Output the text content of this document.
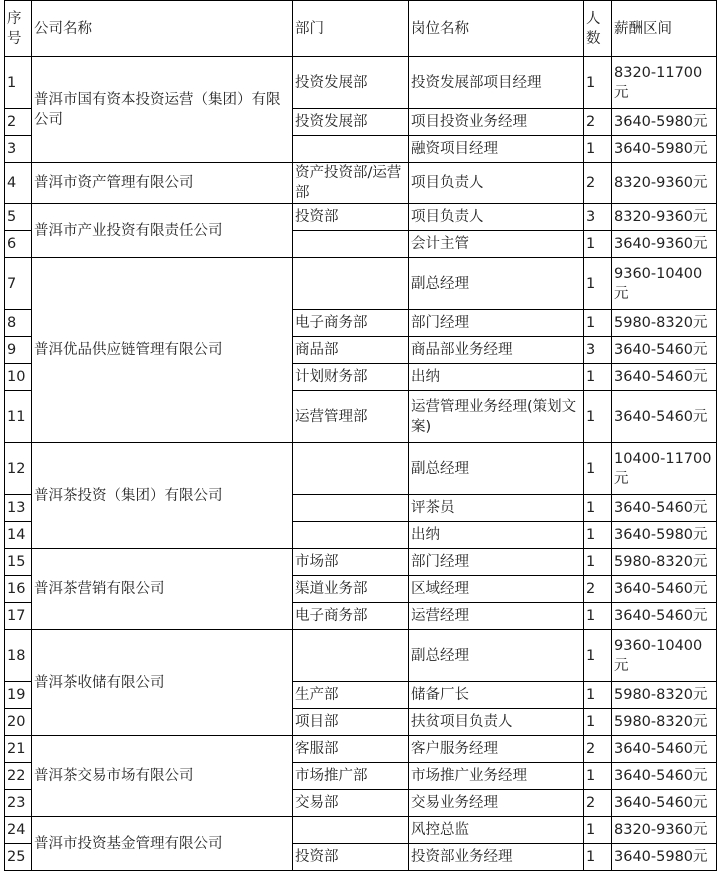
序号	公司名称	部门	岗位名称	人数	薪酬区间
1	普洱市国有资本投资运营（集团）有限公司	投资发展部	投资发展部项目经理	1	8320-11700元
2		投资发展部	项目投资业务经理	2	3640-5980元
3			融资项目经理	1	3640-5980元
4	普洱市资产管理有限公司	资产投资部/运营部	项目负责人	2	8320-9360元
5	普洱市产业投资有限责任公司	投资部	项目负责人	3	8320-9360元
6			会计主管	1	3640-9360元
7	普洱优品供应链管理有限公司		副总经理	1	9360-10400元
8		电子商务部	部门经理	1	5980-8320元
9		商品部	商品部业务经理	3	3640-5460元
10		计划财务部	出纳	1	3640-5460元
11		运营管理部	运营管理业务经理(策划文案)	1	3640-5460元
12	普洱茶投资（集团）有限公司		副总经理	1	10400-11700元
13			评茶员	1	3640-5460元
14			出纳	1	3640-5980元
15	普洱茶营销有限公司	市场部	部门经理	1	5980-8320元
16		渠道业务部	区域经理	2	3640-5460元
17		电子商务部	运营经理	1	3640-5460元
18	普洱茶收储有限公司		副总经理	1	9360-10400元
19		生产部	储备厂长	1	5980-8320元
20		项目部	扶贫项目负责人	1	5980-8320元
21	普洱茶交易市场有限公司	客服部	客户服务经理	2	3640-5460元
22		市场推广部	市场推广业务经理	1	3640-5460元
23		交易部	交易业务经理	2	3640-5460元
24	普洱市投资基金管理有限公司		风控总监	1	8320-9360元
25		投资部	投资部业务经理	1	3640-5980元
